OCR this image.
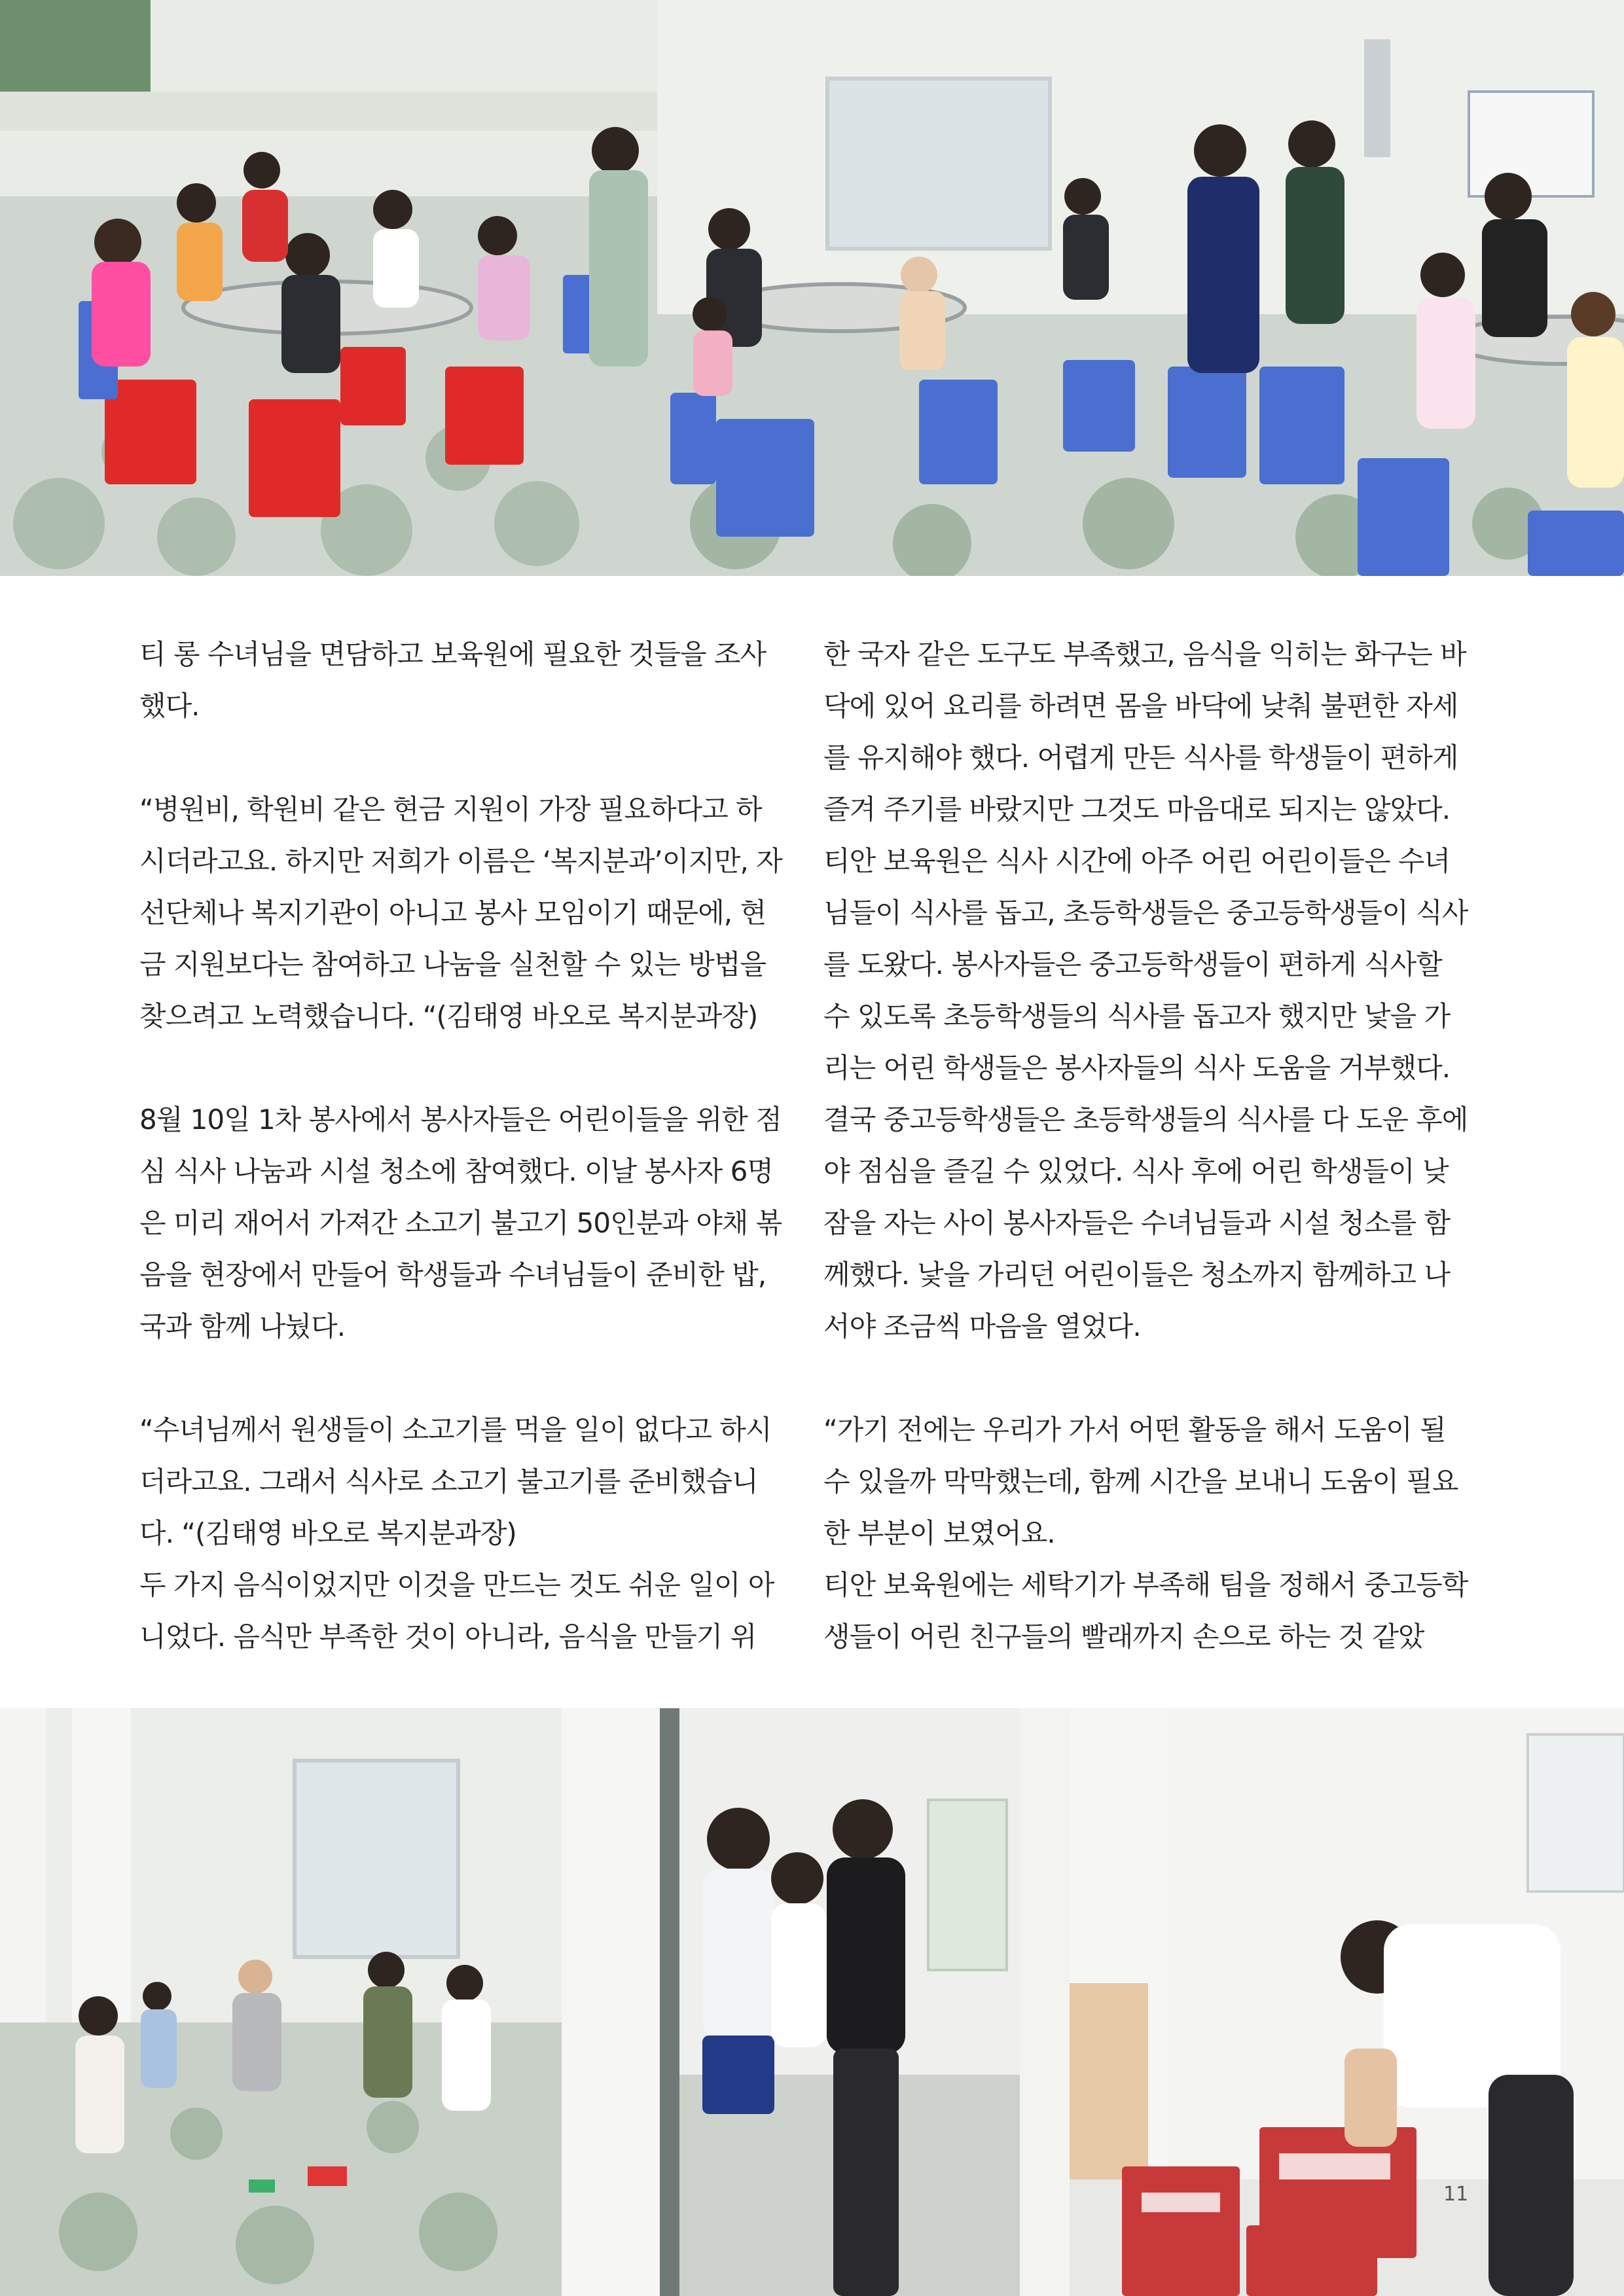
티 롱 수녀님을 면담하고 보육원에 필요한 것들을 조사했다.

“병원비, 학원비 같은 현금 지원이 가장 필요하다고 하시더라고요. 하지만 저희가 이름은 ‘복지분과’이지만, 자선단체나 복지기관이 아니고 봉사 모임이기 때문에, 현금 지원보다는 참여하고 나눔을 실천할 수 있는 방법을 찾으려고 노력했습니다. “(김태영 바오로 복지분과장)

8월 10일 1차 봉사에서 봉사자들은 어린이들을 위한 점심 식사 나눔과 시설 청소에 참여했다. 이날 봉사자 6명은 미리 재어서 가져간 소고기 불고기 50인분과 야채 볶음을 현장에서 만들어 학생들과 수녀님들이 준비한 밥, 국과 함께 나눴다.

“수녀님께서 원생들이 소고기를 먹을 일이 없다고 하시더라고요. 그래서 식사로 소고기 불고기를 준비했습니다. “(김태영 바오로 복지분과장)

두 가지 음식이었지만 이것을 만드는 것도 쉬운 일이 아니었다. 음식만 부족한 것이 아니라, 음식을 만들기 위

한 국자 같은 도구도 부족했고, 음식을 익히는 화구는 바닥에 있어 요리를 하려면 몸을 바닥에 낮춰 불편한 자세를 유지해야 했다. 어렵게 만든 식사를 학생들이 편하게 즐겨 주기를 바랐지만 그것도 마음대로 되지는 않았다. 티안 보육원은 식사 시간에 아주 어린 어린이들은 수녀님들이 식사를 돕고, 초등학생들은 중고등학생들이 식사를 도왔다. 봉사자들은 중고등학생들이 편하게 식사할 수 있도록 초등학생들의 식사를 돕고자 했지만 낯을 가리는 어린 학생들은 봉사자들의 식사 도움을 거부했다. 결국 중고등학생들은 초등학생들의 식사를 다 도운 후에야 점심을 즐길 수 있었다. 식사 후에 어린 학생들이 낮잠을 자는 사이 봉사자들은 수녀님들과 시설 청소를 함께했다. 낯을 가리던 어린이들은 청소까지 함께하고 나서야 조금씩 마음을 열었다.

“가기 전에는 우리가 가서 어떤 활동을 해서 도움이 될 수 있을까 막막했는데, 함께 시간을 보내니 도움이 필요한 부분이 보였어요.

티안 보육원에는 세탁기가 부족해 팀을 정해서 중고등학생들이 어린 친구들의 빨래까지 손으로 하는 것 같았

11
